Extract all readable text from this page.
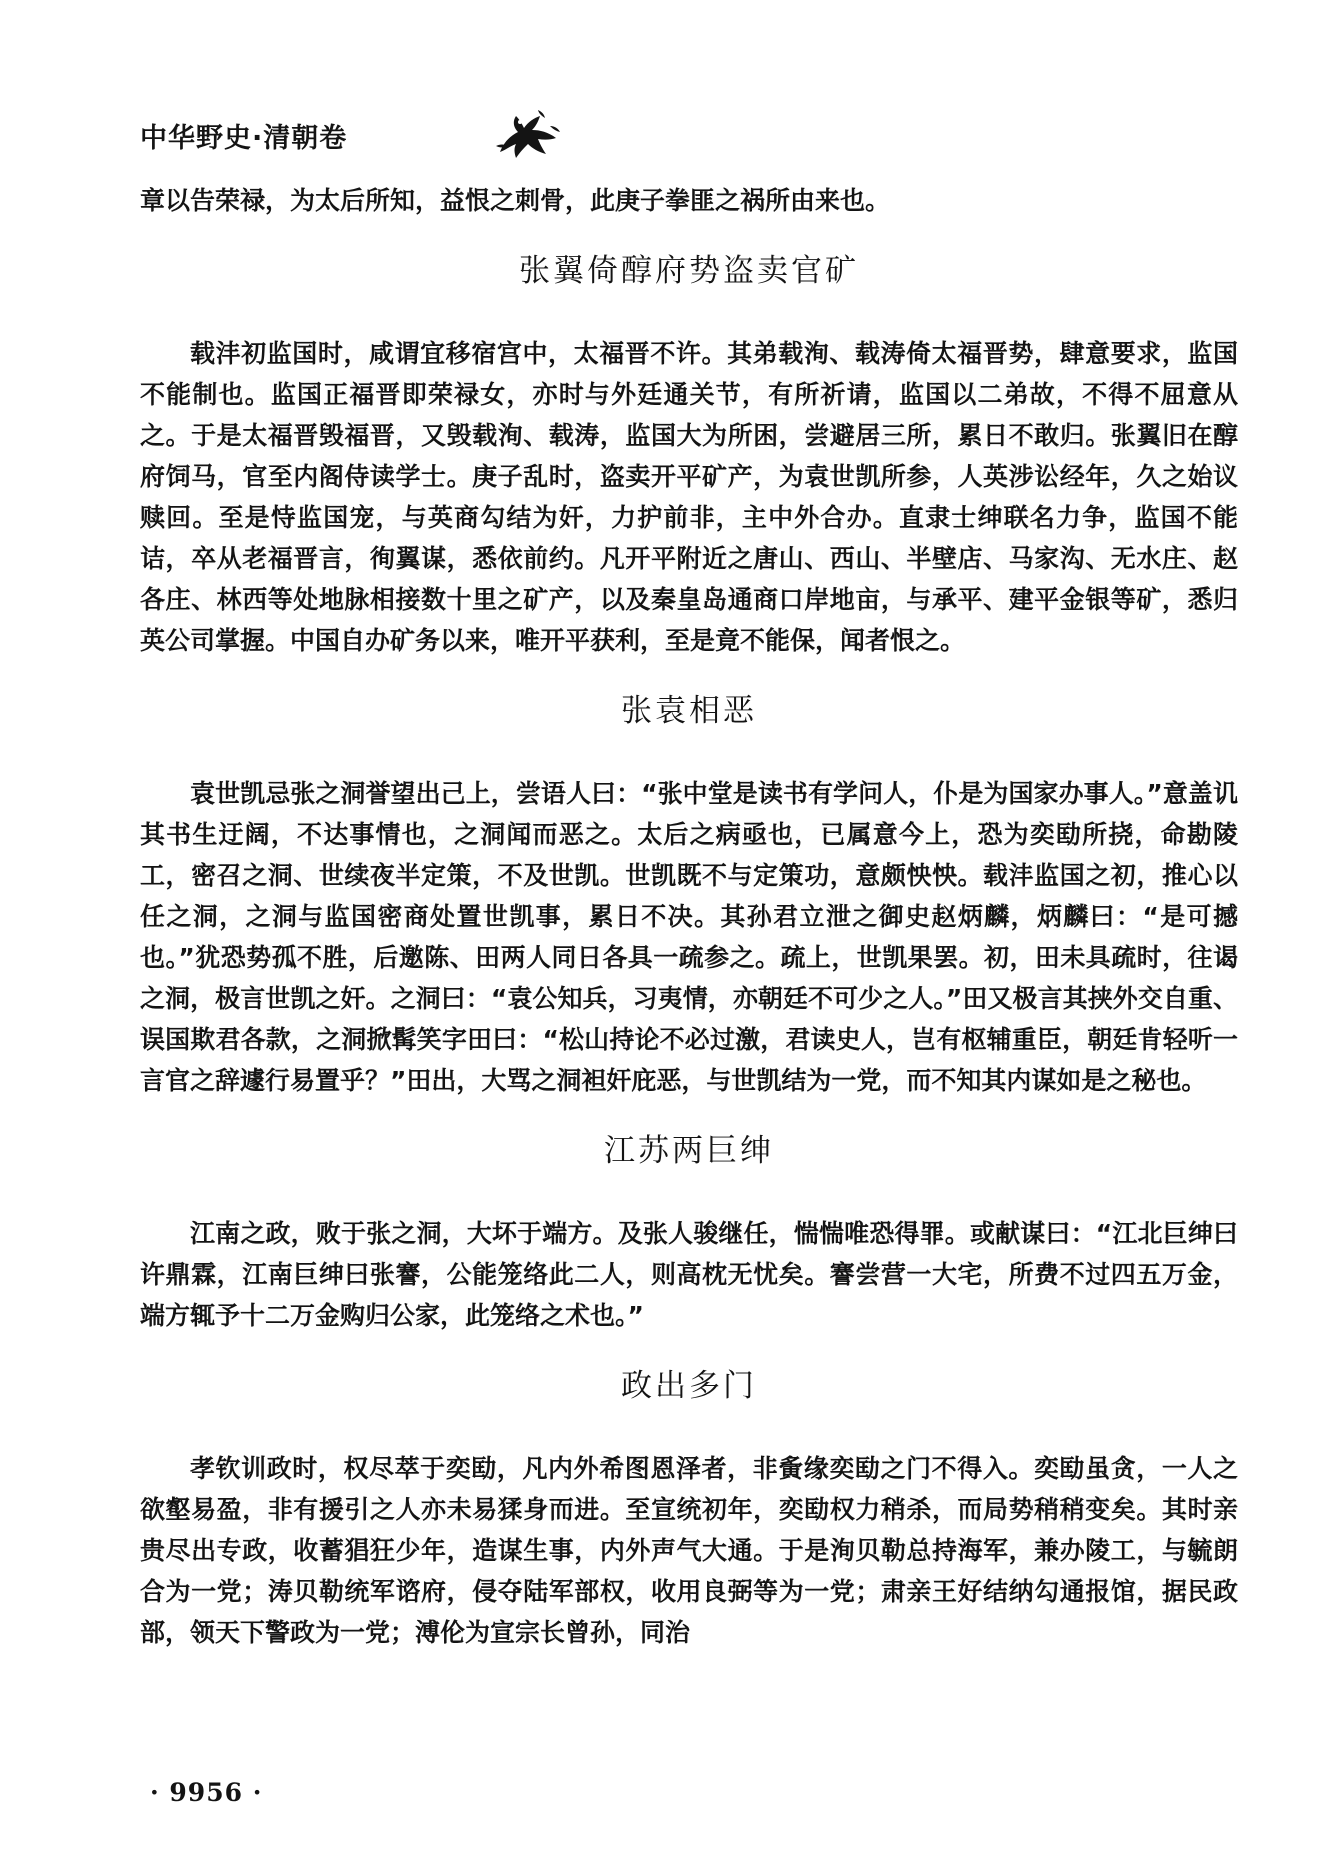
中华野史·清朝卷

章以告荣禄，为太后所知，益恨之刺骨，此庚子拳匪之祸所由来也。

张翼倚醇府势盗卖官矿

载沣初监国时，咸谓宜移宿宫中，太福晋不许。其弟载洵、载涛倚太福晋势，肆意要求，监国不能制也。监国正福晋即荣禄女，亦时与外廷通关节，有所祈请，监国以二弟故，不得不屈意从之。于是太福晋毁福晋，又毁载洵、载涛，监国大为所困，尝避居三所，累日不敢归。张翼旧在醇府饲马，官至内阁侍读学士。庚子乱时，盗卖开平矿产，为袁世凯所参，人英涉讼经年，久之始议赎回。至是恃监国宠，与英商勾结为奸，力护前非，主中外合办。直隶士绅联名力争，监国不能诘，卒从老福晋言，徇翼谋，悉依前约。凡开平附近之唐山、西山、半壁店、马家沟、无水庄、赵各庄、林西等处地脉相接数十里之矿产，以及秦皇岛通商口岸地亩，与承平、建平金银等矿，悉归英公司掌握。中国自办矿务以来，唯开平获利，至是竟不能保，闻者恨之。

张袁相恶

袁世凯忌张之洞誉望出己上，尝语人曰：“张中堂是读书有学问人，仆是为国家办事人。”意盖讥其书生迂阔，不达事情也，之洞闻而恶之。太后之病亟也，已属意今上，恐为奕劻所挠，命勘陵工，密召之洞、世续夜半定策，不及世凯。世凯既不与定策功，意颇怏怏。载沣监国之初，推心以任之洞，之洞与监国密商处置世凯事，累日不决。其孙君立泄之御史赵炳麟，炳麟曰：“是可撼也。”犹恐势孤不胜，后邀陈、田两人同日各具一疏参之。疏上，世凯果罢。初，田未具疏时，往谒之洞，极言世凯之奸。之洞曰：“袁公知兵，习夷情，亦朝廷不可少之人。”田又极言其挟外交自重、误国欺君各款，之洞掀髯笑字田曰：“松山持论不必过激，君读史人，岂有枢辅重臣，朝廷肯轻听一言官之辞遽行易置乎？”田出，大骂之洞袒奸庇恶，与世凯结为一党，而不知其内谋如是之秘也。

江苏两巨绅

江南之政，败于张之洞，大坏于端方。及张人骏继任，惴惴唯恐得罪。或献谋曰：“江北巨绅曰许鼎霖，江南巨绅曰张謇，公能笼络此二人，则高枕无忧矣。謇尝营一大宅，所费不过四五万金，端方辄予十二万金购归公家，此笼络之术也。”

政出多门

孝钦训政时，权尽萃于奕劻，凡内外希图恩泽者，非夤缘奕劻之门不得入。奕劻虽贪，一人之欲壑易盈，非有援引之人亦未易猱身而进。至宣统初年，奕劻权力稍杀，而局势稍稍变矣。其时亲贵尽出专政，收蓄猖狂少年，造谋生事，内外声气大通。于是洵贝勒总持海军，兼办陵工，与毓朗合为一党；涛贝勒统军谘府，侵夺陆军部权，收用良弼等为一党；肃亲王好结纳勾通报馆，据民政部，领天下警政为一党；溥伦为宣宗长曾孙，同治

· 9956 ·
